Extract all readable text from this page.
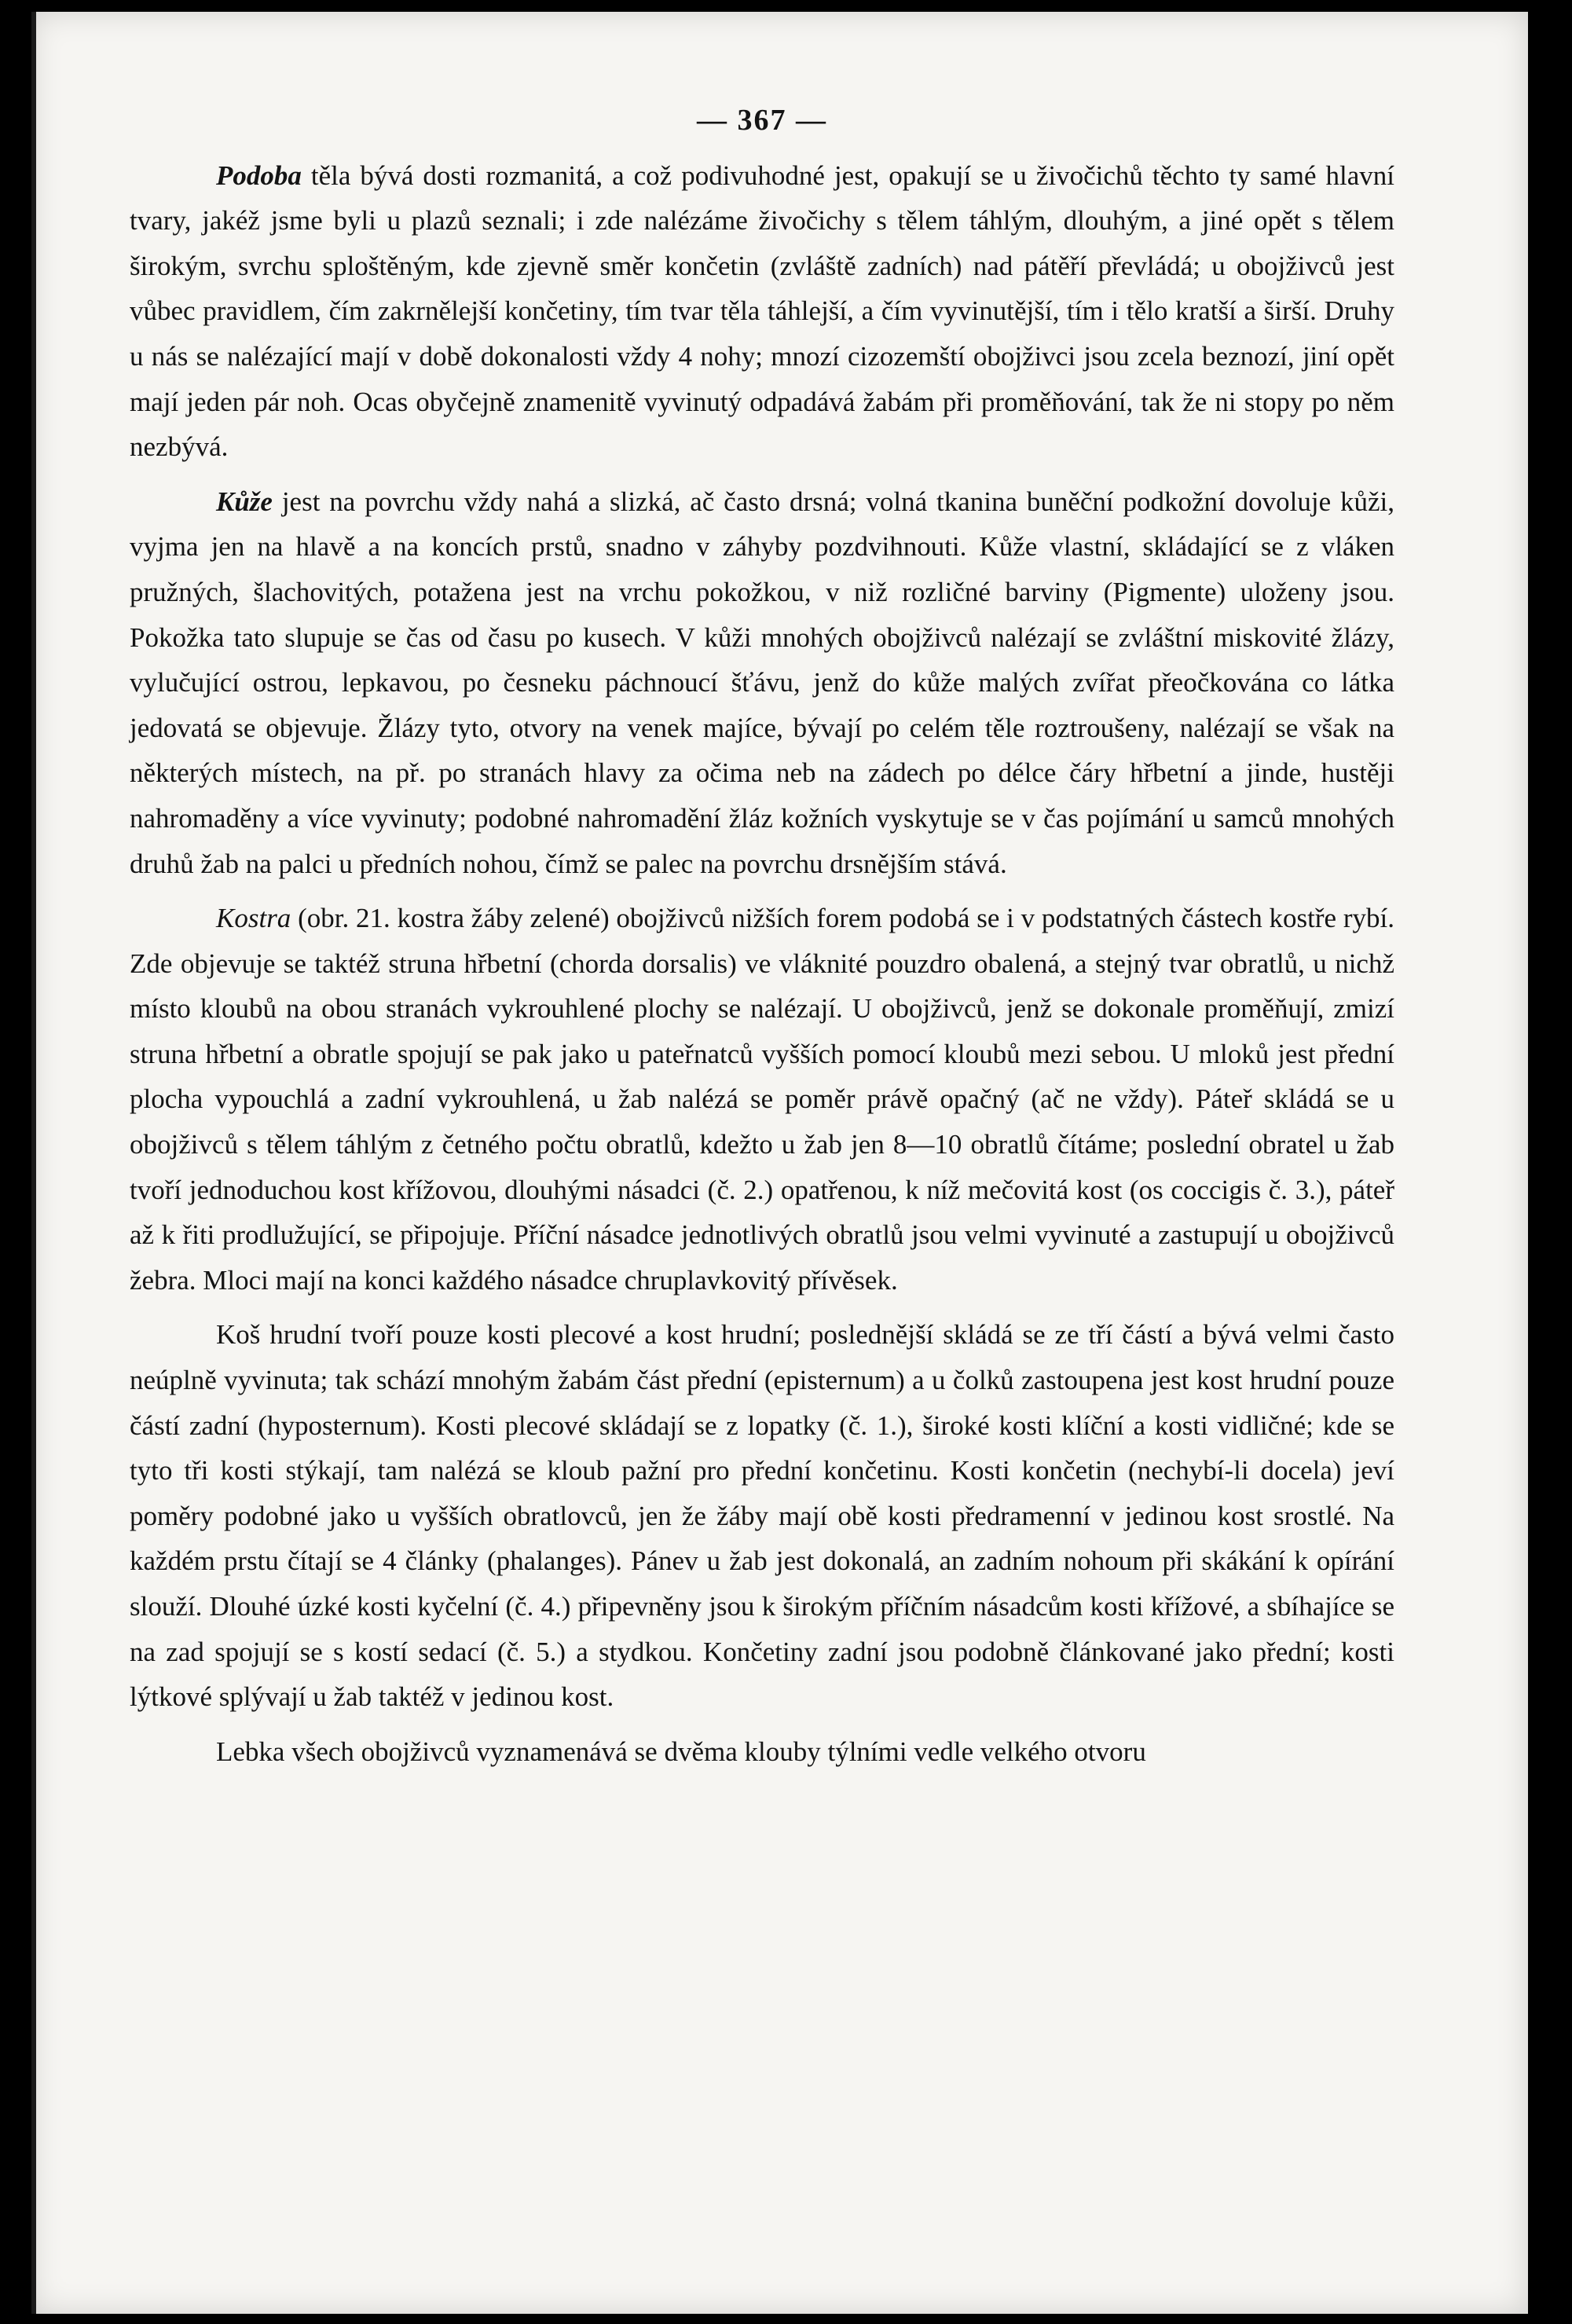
— 367 —

Podoba těla bývá dosti rozmanitá, a což podivuhodné jest, opakují se u živočichů těchto ty samé hlavní tvary, jakéž jsme byli u plazů seznali; i zde nalézáme živočichy s tělem táhlým, dlouhým, a jiné opět s tělem širokým, svrchu sploštěným, kde zjevně směr končetin (zvláště zadních) nad pátěří převládá; u obojživců jest vůbec pravidlem, čím zakrnělejší končetiny, tím tvar těla táhlejší, a čím vyvinutější, tím i tělo kratší a širší. Druhy u nás se nalézající mají v době dokonalosti vždy 4 nohy; mnozí cizozemští obojživci jsou zcela beznozí, jiní opět mají jeden pár noh. Ocas obyčejně znamenitě vyvinutý odpadává žabám při proměňování, tak že ni stopy po něm nezbývá.

Kůže jest na povrchu vždy nahá a slizká, ač často drsná; volná tkanina buněční podkožní dovoluje kůži, vyjma jen na hlavě a na koncích prstů, snadno v záhyby pozdvihnouti. Kůže vlastní, skládající se z vláken pružných, šlachovitých, potažena jest na vrchu pokožkou, v niž rozličné barviny (Pigmente) uloženy jsou. Pokožka tato slupuje se čas od času po kusech. V kůži mnohých obojživců nalézají se zvláštní miskovité žlázy, vylučující ostrou, lepkavou, po česneku páchnoucí šťávu, jenž do kůže malých zvířat přeočkována co látka jedovatá se objevuje. Žlázy tyto, otvory na venek majíce, bývají po celém těle roztroušeny, nalézají se však na některých místech, na př. po stranách hlavy za očima neb na zádech po délce čáry hřbetní a jinde, hustěji nahromaděny a více vyvinuty; podobné nahromadění žláz kožních vyskytuje se v čas pojímání u samců mnohých druhů žab na palci u předních nohou, čímž se palec na povrchu drsnějším stává.

Kostra (obr. 21. kostra žáby zelené) obojživců nižších forem podobá se i v podstatných částech kostře rybí. Zde objevuje se taktéž struna hřbetní (chorda dorsalis) ve vláknité pouzdro obalená, a stejný tvar obratlů, u nichž místo kloubů na obou stranách vykrouhlené plochy se nalézají. U obojživců, jenž se dokonale proměňují, zmizí struna hřbetní a obratle spojují se pak jako u pateřnatců vyšších pomocí kloubů mezi sebou. U mloků jest přední plocha vypouchlá a zadní vykrouhlená, u žab nalézá se poměr právě opačný (ač ne vždy). Páteř skládá se u obojživců s tělem táhlým z četného počtu obratlů, kdežto u žab jen 8—10 obratlů čítáme; poslední obratel u žab tvoří jednoduchou kost křížovou, dlouhými násadci (č. 2.) opatřenou, k níž mečovitá kost (os coccigis č. 3.), páteř až k řiti prodlužující, se připojuje. Příční násadce jednotlivých obratlů jsou velmi vyvinuté a zastupují u obojživců žebra. Mloci mají na konci každého násadce chruplavkovitý přívěsek.

Koš hrudní tvoří pouze kosti plecové a kost hrudní; poslednější skládá se ze tří částí a bývá velmi často neúplně vyvinuta; tak schází mnohým žabám část přední (episternum) a u čolků zastoupena jest kost hrudní pouze částí zadní (hyposternum). Kosti plecové skládají se z lopatky (č. 1.), široké kosti klíční a kosti vidličné; kde se tyto tři kosti stýkají, tam nalézá se kloub pažní pro přední končetinu. Kosti končetin (nechybí-li docela) jeví poměry podobné jako u vyšších obratlovců, jen že žáby mají obě kosti předramenní v jedinou kost srostlé. Na každém prstu čítají se 4 články (phalanges). Pánev u žab jest dokonalá, an zadním nohoum při skákání k opírání slouží. Dlouhé úzké kosti kyčelní (č. 4.) připevněny jsou k širokým příčním násadcům kosti křížové, a sbíhajíce se na zad spojují se s kostí sedací (č. 5.) a stydkou. Končetiny zadní jsou podobně článkované jako přední; kosti lýtkové splývají u žab taktéž v jedinou kost.

Lebka všech obojživců vyznamenává se dvěma klouby týlními vedle velkého otvoru
